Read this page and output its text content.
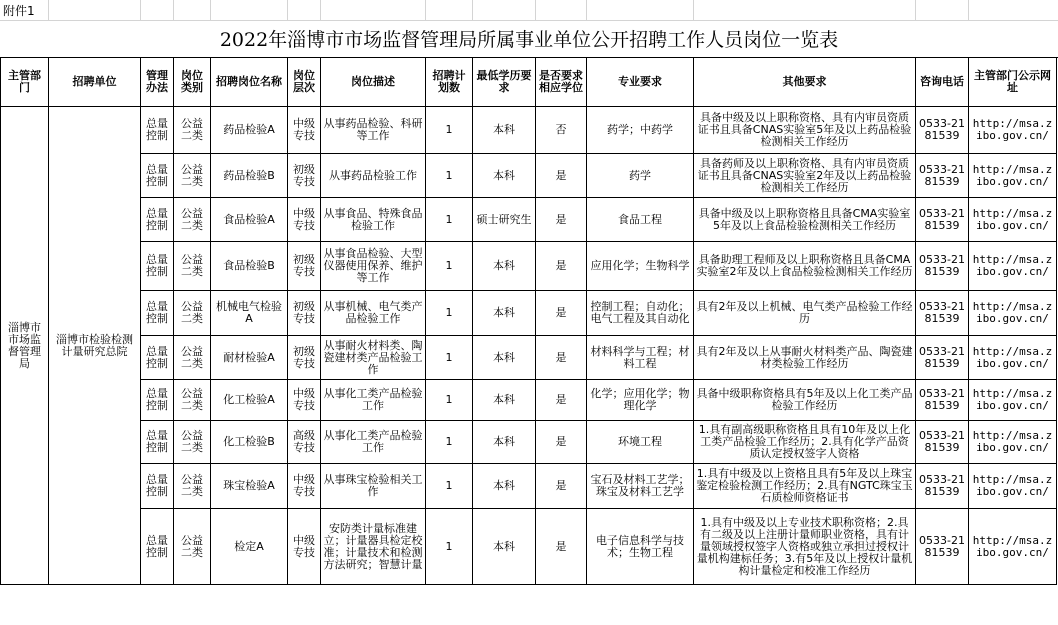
附件1
2022年淄博市市场监督管理局所属事业单位公开招聘工作人员岗位一览表
主管部门	招聘单位	管理办法	岗位类别	招聘岗位名称	岗位层次	岗位描述	招聘计划数	最低学历要求	是否要求相应学位	专业要求	其他要求	咨询电话	主管部门公示网址
淄博市市场监督管理局	淄博市检验检测计量研究总院	总量控制	公益二类	药品检验A	中级专技	从事药品检验、科研等工作	1	本科	否	药学；中药学	具备中级及以上职称资格、具有内审员资质证书且具备CNAS实验室5年及以上药品检验检测相关工作经历	0533-2181539	http://msa.zibo.gov.cn/
		总量控制	公益二类	药品检验B	初级专技	从事药品检验工作	1	本科	是	药学	具备药师及以上职称资格、具有内审员资质证书且具备CNAS实验室2年及以上药品检验检测相关工作经历	0533-2181539	http://msa.zibo.gov.cn/
		总量控制	公益二类	食品检验A	中级专技	从事食品、特殊食品检验工作	1	硕士研究生	是	食品工程	具备中级及以上职称资格且具备CMA实验室5年及以上食品检验检测相关工作经历	0533-2181539	http://msa.zibo.gov.cn/
		总量控制	公益二类	食品检验B	初级专技	从事食品检验、大型仪器使用保养、维护等工作	1	本科	是	应用化学；生物科学	具备助理工程师及以上职称资格且具备CMA实验室2年及以上食品检验检测相关工作经历	0533-2181539	http://msa.zibo.gov.cn/
		总量控制	公益二类	机械电气检验A	初级专技	从事机械、电气类产品检验工作	1	本科	是	控制工程；自动化；电气工程及其自动化	具有2年及以上机械、电气类产品检验工作经历	0533-2181539	http://msa.zibo.gov.cn/
		总量控制	公益二类	耐材检验A	初级专技	从事耐火材料类、陶瓷建材类产品检验工作	1	本科	是	材料科学与工程；材料工程	具有2年及以上从事耐火材料类产品、陶瓷建材类检验工作经历	0533-2181539	http://msa.zibo.gov.cn/
		总量控制	公益二类	化工检验A	中级专技	从事化工类产品检验工作	1	本科	是	化学；应用化学；物理化学	具备中级职称资格具有5年及以上化工类产品检验工作经历	0533-2181539	http://msa.zibo.gov.cn/
		总量控制	公益二类	化工检验B	高级专技	从事化工类产品检验工作	1	本科	是	环境工程	1.具有副高级职称资格且具有10年及以上化工类产品检验工作经历；2.具有化学产品资质认定授权签字人资格	0533-2181539	http://msa.zibo.gov.cn/
		总量控制	公益二类	珠宝检验A	中级专技	从事珠宝检验相关工作	1	本科	是	宝石及材料工艺学；珠宝及材料工艺学	1.具有中级及以上资格且具有5年及以上珠宝鉴定检验检测工作经历；2.具有NGTC珠宝玉石质检师资格证书	0533-2181539	http://msa.zibo.gov.cn/
		总量控制	公益二类	检定A	中级专技	安防类计量标准建立；计量器具检定校准；计量技术和检测方法研究；智慧计量	1	本科	是	电子信息科学与技术；生物工程	1.具有中级及以上专业技术职称资格；2.具有二级及以上注册计量师职业资格，具有计量领域授权签字人资格或独立承担过授权计量机构建标任务；3.有5年及以上授权计量机构计量检定和校准工作经历	0533-2181539	http://msa.zibo.gov.cn/
